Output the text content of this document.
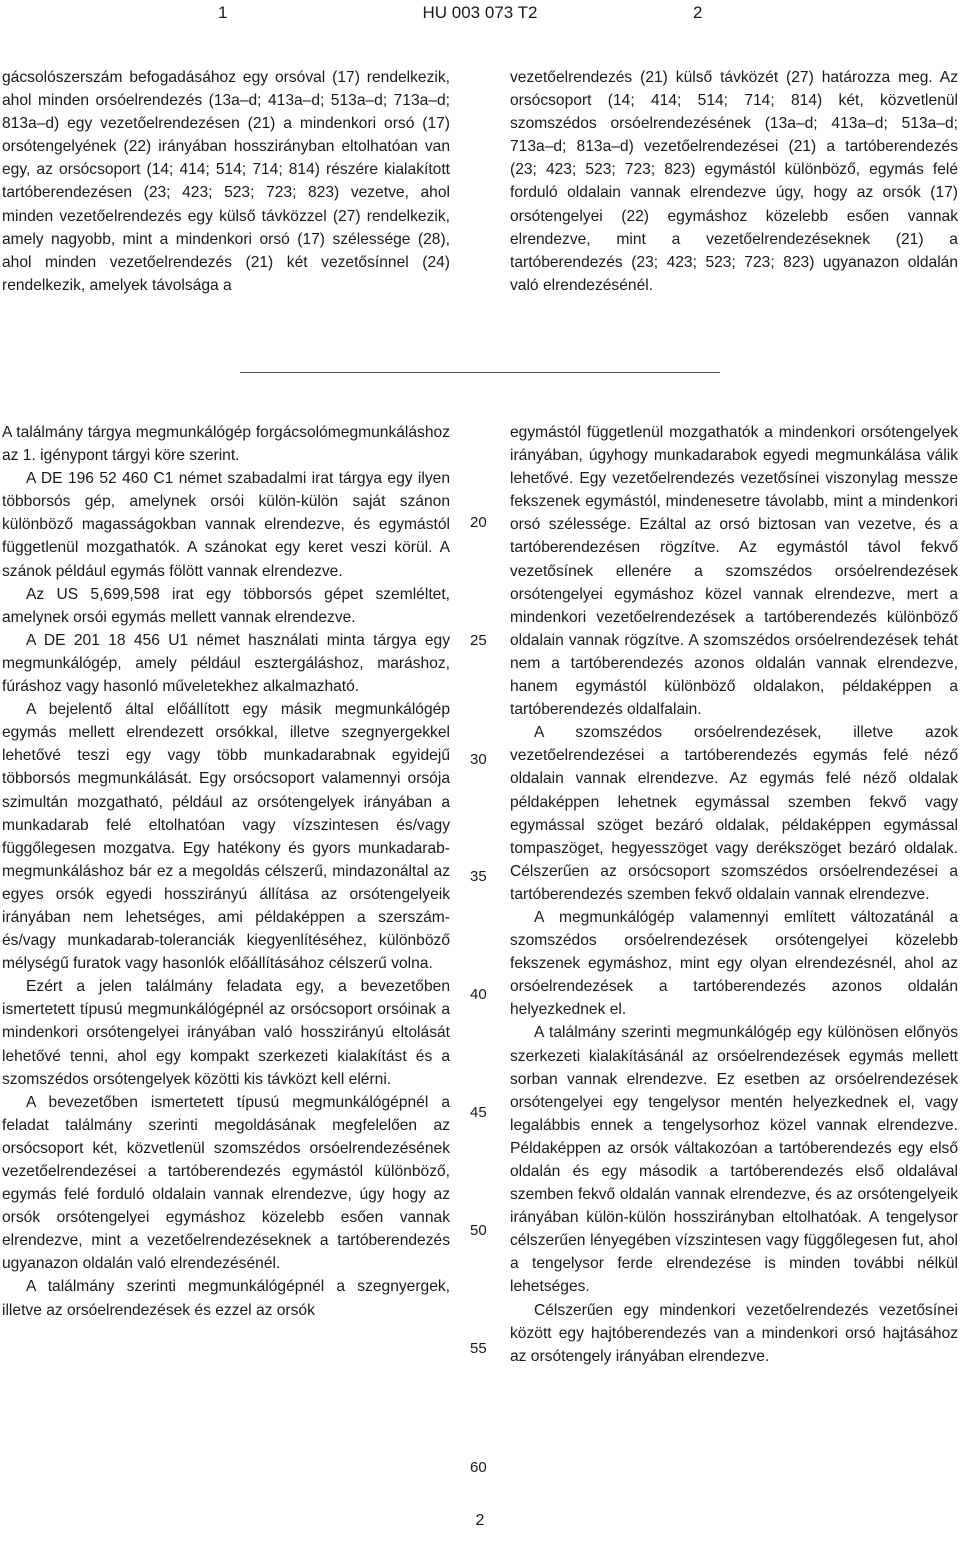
1	HU 003 073 T2	2

gácsolószerszám befogadásához egy orsóval (17) rendelkezik, ahol minden orsóelrendezés (13a–d; 413a–d; 513a–d; 713a–d; 813a–d) egy vezetőelrendezésen (21) a mindenkori orsó (17) orsótengelyének (22) irányában hosszirányban eltolhatóan van egy, az orsócsoport (14; 414; 514; 714; 814) részére kialakított tartóberendezésen (23; 423; 523; 723; 823) vezetve, ahol minden vezetőelrendezés egy külső távközzel (27) rendelkezik, amely nagyobb, mint a mindenkori orsó (17) szélessége (28), ahol minden vezetőelrendezés (21) két vezetősínnel (24) rendelkezik, amelyek távolsága a

vezetőelrendezés (21) külső távközét (27) határozza meg. Az orsócsoport (14; 414; 514; 714; 814) két, közvetlenül szomszédos orsóelrendezésének (13a–d; 413a–d; 513a–d; 713a–d; 813a–d) vezetőelrendezései (21) a tartóberendezés (23; 423; 523; 723; 823) egymástól különböző, egymás felé forduló oldalain vannak elrendezve úgy, hogy az orsók (17) orsótengelyei (22) egymáshoz közelebb esően vannak elrendezve, mint a vezetőelrendezéseknek (21) a tartóberendezés (23; 423; 523; 723; 823) ugyanazon oldalán való elrendezésénél.

A találmány tárgya megmunkálógép forgácsolómegmunkáláshoz az 1. igénypont tárgyi köre szerint.

A DE 196 52 460 C1 német szabadalmi irat tárgya egy ilyen többorsós gép, amelynek orsói külön-külön saját szánon különböző magasságokban vannak elrendezve, és egymástól függetlenül mozgathatók. A szánokat egy keret veszi körül. A szánok például egymás fölött vannak elrendezve.

Az US 5,699,598 irat egy többorsós gépet szemléltet, amelynek orsói egymás mellett vannak elrendezve.

A DE 201 18 456 U1 német használati minta tárgya egy megmunkálógép, amely például esztergáláshoz, maráshoz, fúráshoz vagy hasonló műveletekhez alkalmazható.

A bejelentő által előállított egy másik megmunkálógép egymás mellett elrendezett orsókkal, illetve szegnyergekkel lehetővé teszi egy vagy több munkadarabnak egyidejű többorsós megmunkálását. Egy orsócsoport valamennyi orsója szimultán mozgatható, például az orsótengelyek irányában a munkadarab felé eltolhatóan vagy vízszintesen és/vagy függőlegesen mozgatva. Egy hatékony és gyors munkadarab-megmunkáláshoz bár ez a megoldás célszerű, mindazonáltal az egyes orsók egyedi hosszirányú állítása az orsótengelyeik irányában nem lehetséges, ami példaképpen a szerszám- és/vagy munkadarab-toleranciák kiegyenlítéséhez, különböző mélységű furatok vagy hasonlók előállításához célszerű volna.

Ezért a jelen találmány feladata egy, a bevezetőben ismertetett típusú megmunkálógépnél az orsócsoport orsóinak a mindenkori orsótengelyei irányában való hosszirányú eltolását lehetővé tenni, ahol egy kompakt szerkezeti kialakítást és a szomszédos orsótengelyek közötti kis távközt kell elérni.

A bevezetőben ismertetett típusú megmunkálógépnél a feladat találmány szerinti megoldásának megfelelően az orsócsoport két, közvetlenül szomszédos orsóelrendezésének vezetőelrendezései a tartóberendezés egymástól különböző, egymás felé forduló oldalain vannak elrendezve, úgy hogy az orsók orsótengelyei egymáshoz közelebb esően vannak elrendezve, mint a vezetőelrendezéseknek a tartóberendezés ugyanazon oldalán való elrendezésénél.

A találmány szerinti megmunkálógépnél a szegnyergek, illetve az orsóelrendezések és ezzel az orsók

egymástól függetlenül mozgathatók a mindenkori orsótengelyek irányában, úgyhogy munkadarabok egyedi megmunkálása válik lehetővé. Egy vezetőelrendezés vezetősínei viszonylag messze fekszenek egymástól, mindenesetre távolabb, mint a mindenkori orsó szélessége. Ezáltal az orsó biztosan van vezetve, és a tartóberendezésen rögzítve. Az egymástól távol fekvő vezetősínek ellenére a szomszédos orsóelrendezések orsótengelyei egymáshoz közel vannak elrendezve, mert a mindenkori vezetőelrendezések a tartóberendezés különböző oldalain vannak rögzítve. A szomszédos orsóelrendezések tehát nem a tartóberendezés azonos oldalán vannak elrendezve, hanem egymástól különböző oldalakon, példaképpen a tartóberendezés oldalfalain.

A szomszédos orsóelrendezések, illetve azok vezetőelrendezései a tartóberendezés egymás felé néző oldalain vannak elrendezve. Az egymás felé néző oldalak példaképpen lehetnek egymással szemben fekvő vagy egymással szöget bezáró oldalak, példaképpen egymással tompaszöget, hegyesszöget vagy derékszöget bezáró oldalak. Célszerűen az orsócsoport szomszédos orsóelrendezései a tartóberendezés szemben fekvő oldalain vannak elrendezve.

A megmunkálógép valamennyi említett változatánál a szomszédos orsóelrendezések orsótengelyei közelebb fekszenek egymáshoz, mint egy olyan elrendezésnél, ahol az orsóelrendezések a tartóberendezés azonos oldalán helyezkednek el.

A találmány szerinti megmunkálógép egy különösen előnyös szerkezeti kialakításánál az orsóelrendezések egymás mellett sorban vannak elrendezve. Ez esetben az orsóelrendezések orsótengelyei egy tengelysor mentén helyezkednek el, vagy legalábbis ennek a tengelysorhoz közel vannak elrendezve. Példaképpen az orsók váltakozóan a tartóberendezés egy első oldalán és egy második a tartóberendezés első oldalával szemben fekvő oldalán vannak elrendezve, és az orsótengelyeik irányában külön-külön hosszirányban eltolhatóak. A tengelysor célszerűen lényegében vízszintesen vagy függőlegesen fut, ahol a tengelysor ferde elrendezése is minden további nélkül lehetséges.

Célszerűen egy mindenkori vezetőelrendezés vezetősínei között egy hajtóberendezés van a mindenkori orsó hajtásához az orsótengely irányában elrendezve.

20
25
30
35
40
45
50
55
60
2
